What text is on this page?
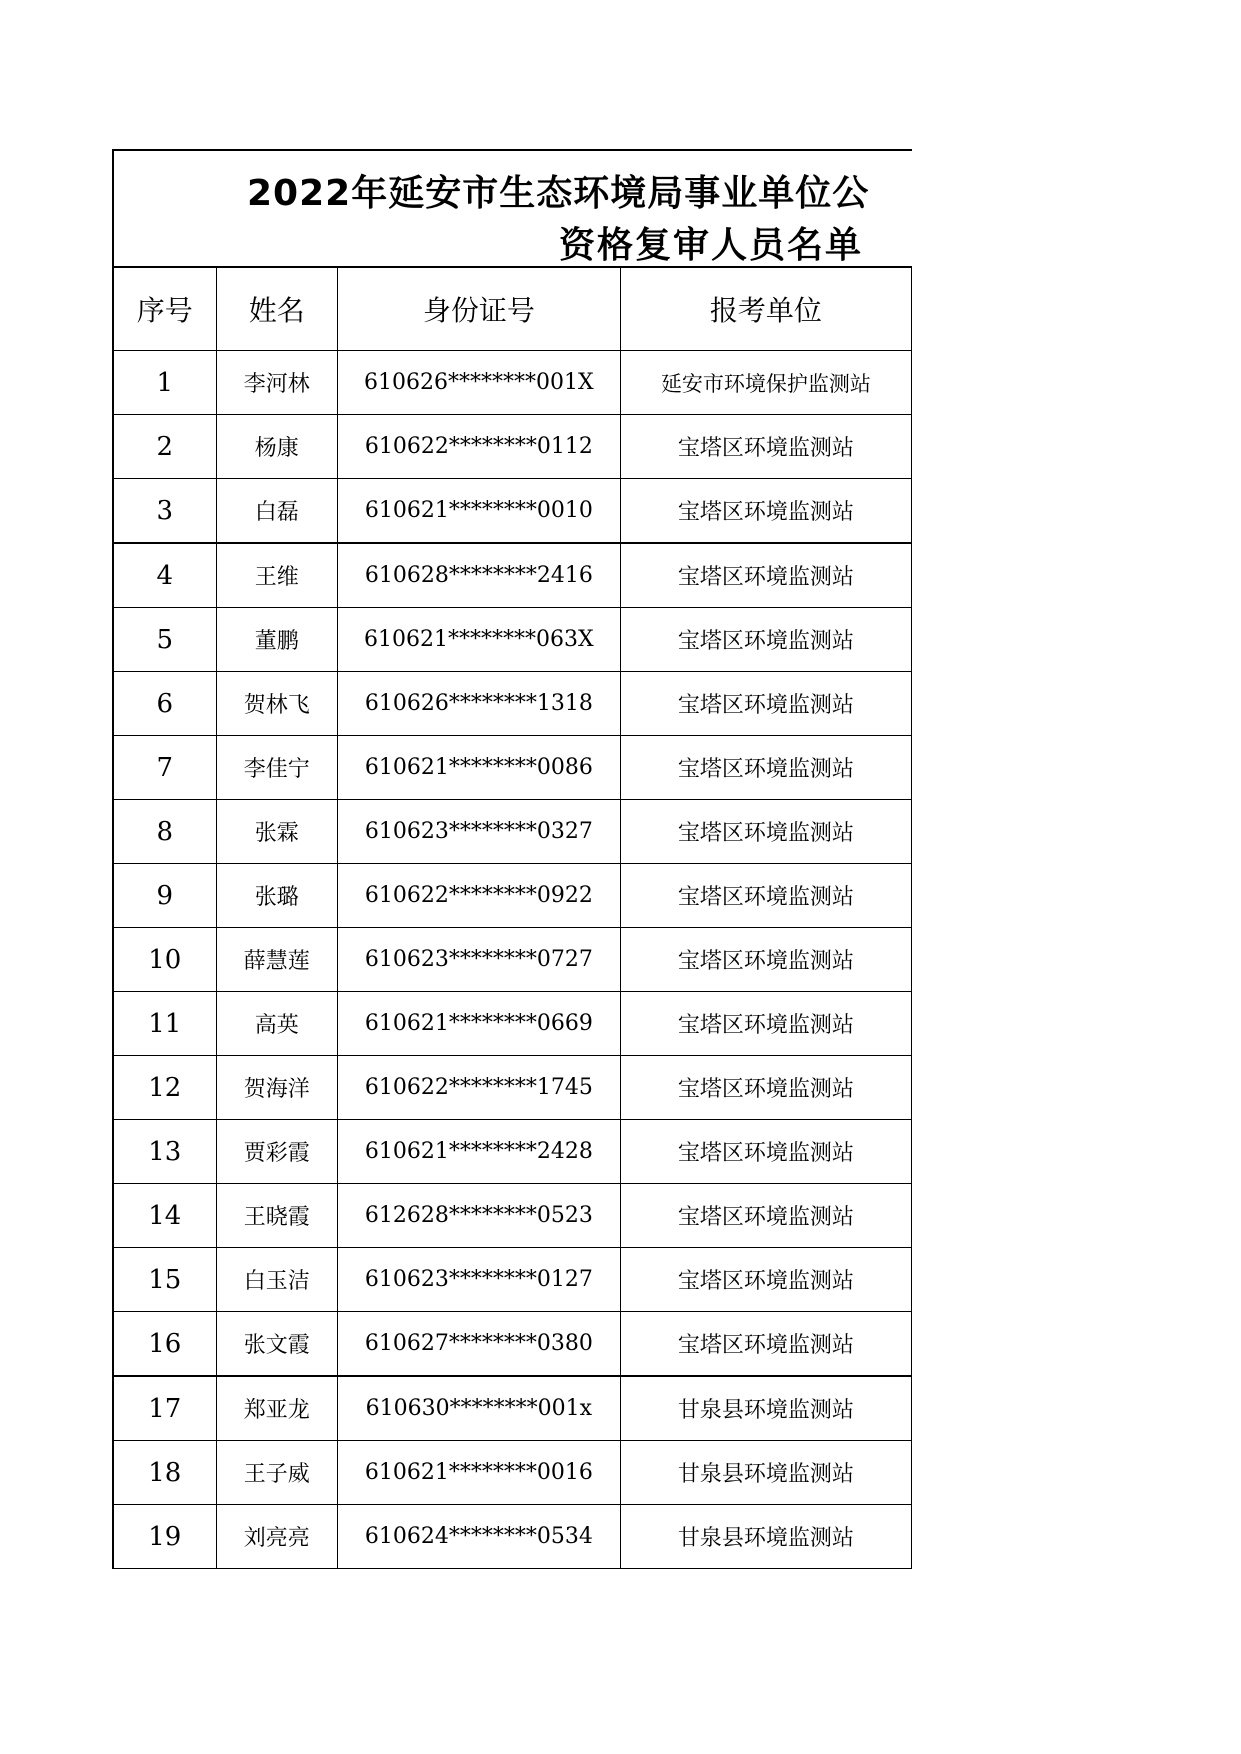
2022年延安市生态环境局事业单位公
资格复审人员名单
序号	姓名	身份证号	报考单位
1	李河林	610626********001X	延安市环境保护监测站
2	杨康	610622********0112	宝塔区环境监测站
3	白磊	610621********0010	宝塔区环境监测站
4	王维	610628********2416	宝塔区环境监测站
5	董鹏	610621********063X	宝塔区环境监测站
6	贺林飞	610626********1318	宝塔区环境监测站
7	李佳宁	610621********0086	宝塔区环境监测站
8	张霖	610623********0327	宝塔区环境监测站
9	张璐	610622********0922	宝塔区环境监测站
10	薛慧莲	610623********0727	宝塔区环境监测站
11	高英	610621********0669	宝塔区环境监测站
12	贺海洋	610622********1745	宝塔区环境监测站
13	贾彩霞	610621********2428	宝塔区环境监测站
14	王晓霞	612628********0523	宝塔区环境监测站
15	白玉洁	610623********0127	宝塔区环境监测站
16	张文霞	610627********0380	宝塔区环境监测站
17	郑亚龙	610630********001x	甘泉县环境监测站
18	王子威	610621********0016	甘泉县环境监测站
19	刘亮亮	610624********0534	甘泉县环境监测站
